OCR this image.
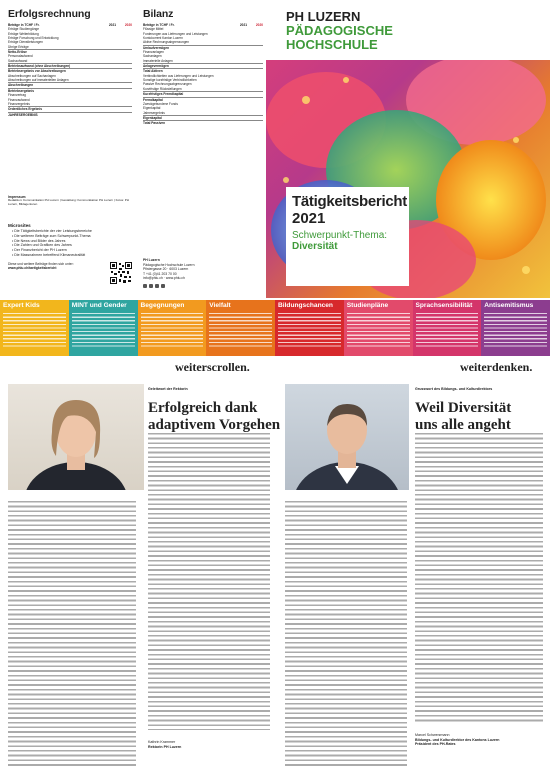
Erfolgsrechnung
Beträge in TCHF / Fr.	2021	2020
Erträge Studiengänge		
Erträge Weiterbildung		
Erträge Forschung und Entwicklung		
Erträge Dienstleistungen		
Übrige Erträge		
Netto-Erlöse		
Personalaufwand		
Sachaufwand		
Betriebsaufwand (ohne Abschreibungen)		
Betriebsergebnis vor Abschreibungen		
Abschreibungen auf Sachanlagen		
Abschreibungen auf immateriellen Anlagen		
Abschreibungen		
Betriebsergebnis		
Finanzertrag		
Finanzaufwand		
Finanzergebnis		
Ordentliches Ergebnis		
JAHRESERGEBNIS		
Bilanz
Beträge in TCHF / Fr.	2021	2020
Flüssige Mittel		
Forderungen aus Lieferungen und Leistungen		
Kontokorrent Kanton Luzern		
Aktive Rechnungsabgrenzungen		
Umlaufvermögen		
Finanzanlagen		
Sachanlagen		
Immaterielle Anlagen		
Anlagevermögen		
Total Aktiven		
Verbindlichkeiten aus Lieferungen und Leistungen		
Sonstige kurzfristige Verbindlichkeiten		
Passive Rechnungsabgrenzungen		
Kurzfristige Rückstellungen		
Kurzfristiges Fremdkapital		
Fremdkapital		
Zweckgebundene Fonds		
Eigenkapital		
Jahresergebnis		
Eigenkapital		
Total Passiven		
Impressum
Redaktion: Kommunikation PH Luzern | Gestaltung: Kommunikation PH Luzern | Fotos: PH Luzern, Bildagenturen
Microsites
• Die Tätigkeitsberichte der vier Leistungsbereiche
• Die weiteren Beiträge zum Schwerpunkt-Thema
• Die News und Bilder des Jahres
• Die Zahlen und Grafiken des Jahres
• Der Finanzbericht der PH Luzern
• Die Massnahmen betreffend Klimaneutralität
Diese und weitere Beiträge finden sich unter:
www.phlu.ch/taetigkeitsbericht
PH Luzern
Pädagogische Hochschule Luzern
Pfistergasse 20 · 6003 Luzern
T +41 (0)41 203 70 00
info@phlu.ch · www.phlu.ch
PH LUZERN
PÄDAGOGISCHE
HOCHSCHULE
Tätigkeitsbericht
2021
Schwerpunkt-Thema:
Diversität
Expert Kids	MINT und Gender	Begegnungen	Vielfalt	Bildungschancen	Studienpläne	Sprachsensibilität	Antisemitismus
weiterscrollen.	weiterdenken.
Geleitwort der Rektorin
Erfolgreich dank
adaptivem Vorgehen

Kathrin Krammer
Rektorin PH Luzern
Grusswort des Bildungs- und Kulturdirektors
Weil Diversität
uns alle angeht

Marcel Schwerzmann
Bildungs- und Kulturdirektor des Kantons Luzern
Präsident des PH-Rates
